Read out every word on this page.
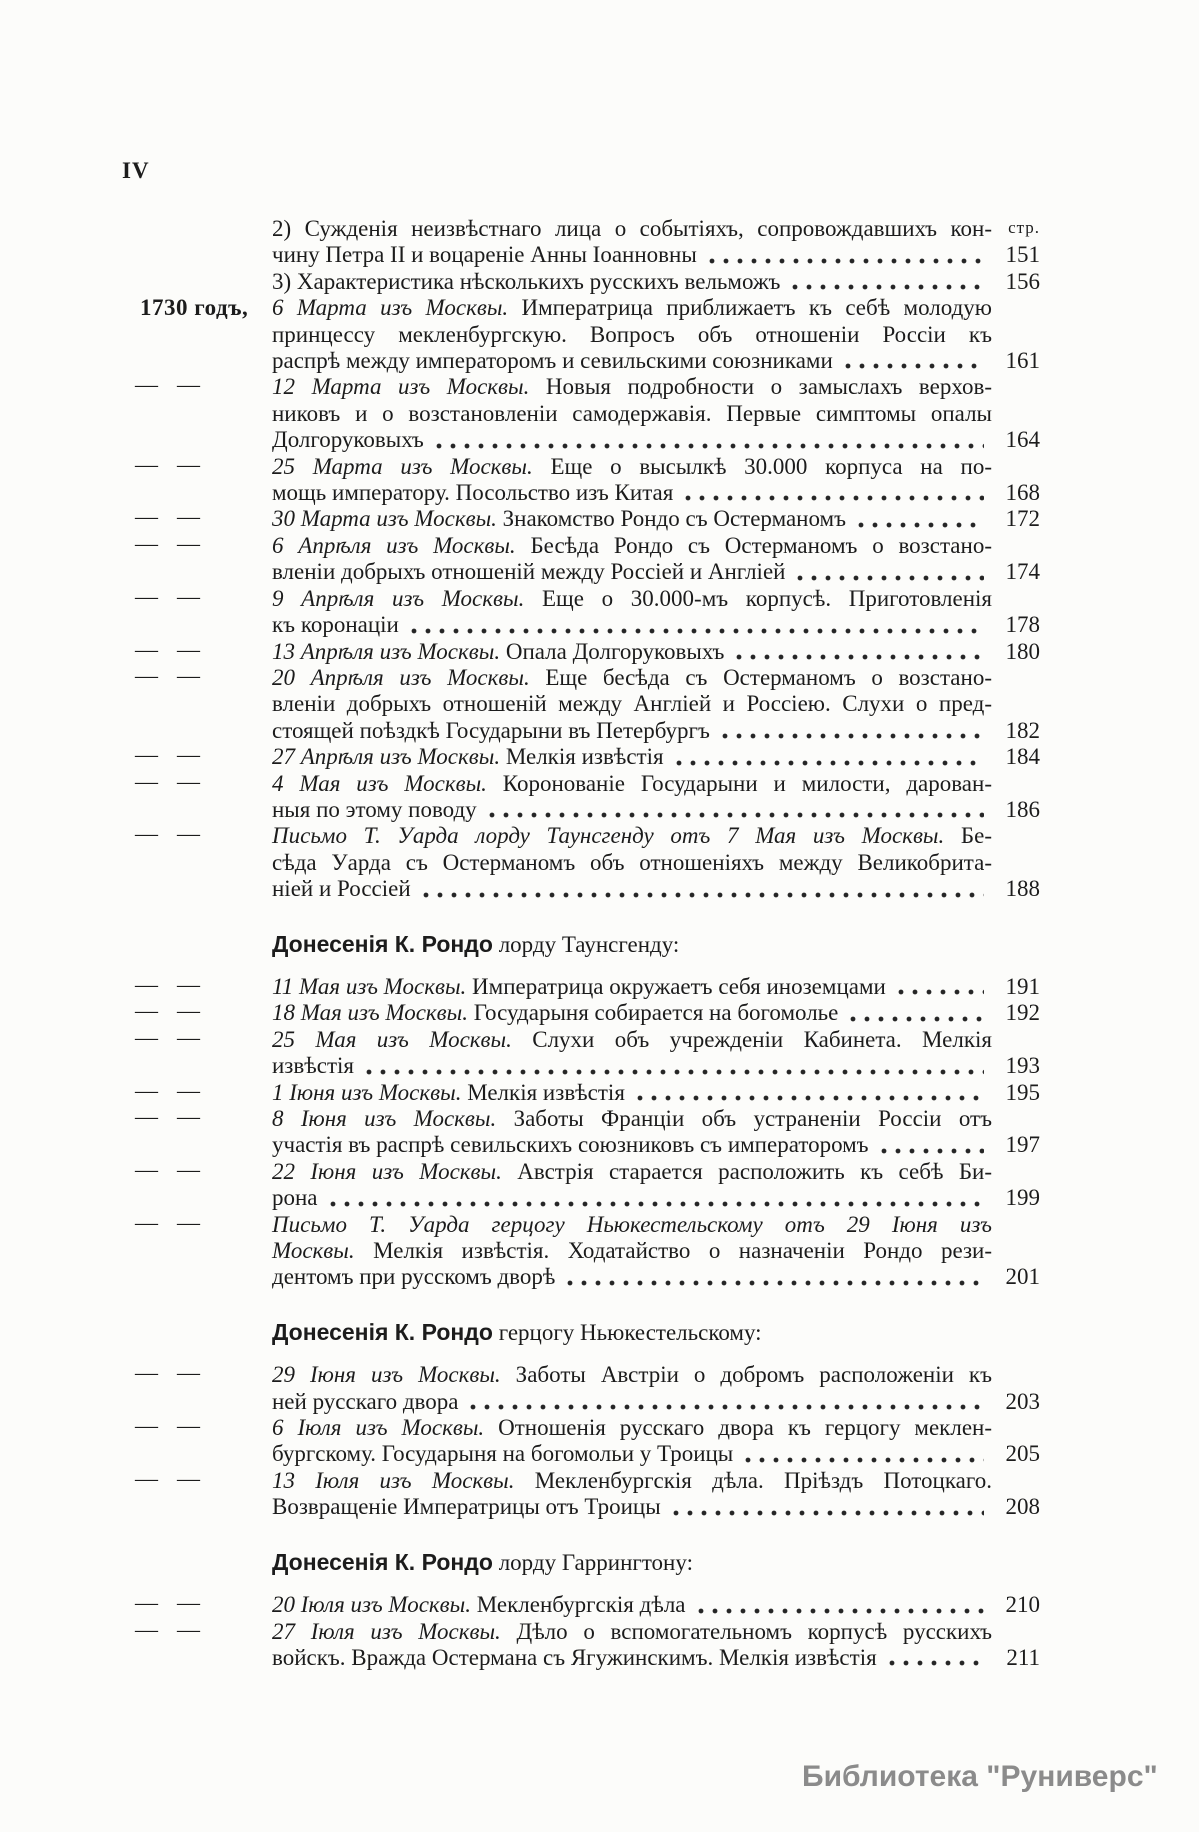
IV
стр.
2) Сужденія неизвѣстнаго лица о событіяхъ, сопровождавшихъ кон-
чину Петра II и воцареніе Анны Іоанновны	151
3) Характеристика нѣсколькихъ русскихъ вельможъ	156
1730 годъ, 6 Марта изъ Москвы. Императрица приближаетъ къ себѣ молодую
принцессу мекленбургскую. Вопросъ объ отношеніи Россіи къ
распрѣ между императоромъ и севильскими союзниками	161
— —	12 Марта изъ Москвы. Новыя подробности о замыслахъ верхов-
никовъ и о возстановленіи самодержавія. Первые симптомы опалы
Долгоруковыхъ	164
— —	25 Марта изъ Москвы. Еще о высылкѣ 30.000 корпуса на по-
мощь императору. Посольство изъ Китая	168
— —	30 Марта изъ Москвы. Знакомство Рондо съ Остерманомъ	172
— —	6 Апрѣля изъ Москвы. Бесѣда Рондо съ Остерманомъ о возстано-
вленіи добрыхъ отношеній между Россіей и Англіей	174
— —	9 Апрѣля изъ Москвы. Еще о 30.000-мъ корпусѣ. Приготовленія
къ коронаціи	178
— —	13 Апрѣля изъ Москвы. Опала Долгоруковыхъ	180
— —	20 Апрѣля изъ Москвы. Еще бесѣда съ Остерманомъ о возстано-
вленіи добрыхъ отношеній между Англіей и Россіею. Слухи о пред-
стоящей поѣздкѣ Государыни въ Петербургъ	182
— —	27 Апрѣля изъ Москвы. Мелкія извѣстія	184
— —	4 Мая изъ Москвы. Коронованіе Государыни и милости, дарован-
ныя по этому поводу	186
— —	Письмо Т. Уарда лорду Таунсгенду отъ 7 Мая изъ Москвы. Бе-
сѣда Уарда съ Остерманомъ объ отношеніяхъ между Великобрита-
ніей и Россіей	188
Донесенія К. Рондо лорду Таунсгенду:
— —	11 Мая изъ Москвы. Императрица окружаетъ себя иноземцами	191
— —	18 Мая изъ Москвы. Государыня собирается на богомолье	192
— —	25 Мая изъ Москвы. Слухи объ учрежденіи Кабинета. Мелкія
извѣстія	193
— —	1 Іюня изъ Москвы. Мелкія извѣстія	195
— —	8 Іюня изъ Москвы. Заботы Франціи объ устраненіи Россіи отъ
участія въ распрѣ севильскихъ союзниковъ съ императоромъ	197
— —	22 Іюня изъ Москвы. Австрія старается расположить къ себѣ Би-
рона	199
— —	Письмо Т. Уарда герцогу Ньюкестельскому отъ 29 Іюня изъ
Москвы. Мелкія извѣстія. Ходатайство о назначеніи Рондо рези-
дентомъ при русскомъ дворѣ	201
Донесенія К. Рондо герцогу Ньюкестельскому:
— —	29 Іюня изъ Москвы. Заботы Австріи о добромъ расположеніи къ
ней русскаго двора	203
— —	6 Іюля изъ Москвы. Отношенія русскаго двора къ герцогу меклен-
бургскому. Государыня на богомольи у Троицы	205
— —	13 Іюля изъ Москвы. Мекленбургскія дѣла. Пріѣздъ Потоцкаго.
Возвращеніе Императрицы отъ Троицы	208
Донесенія К. Рондо лорду Гаррингтону:
— —	20 Іюля изъ Москвы. Мекленбургскія дѣла	210
— —	27 Іюля изъ Москвы. Дѣло о вспомогательномъ корпусѣ русскихъ
войскъ. Вражда Остермана съ Ягужинскимъ. Мелкія извѣстія	211
Библиотека "Руниверс"
